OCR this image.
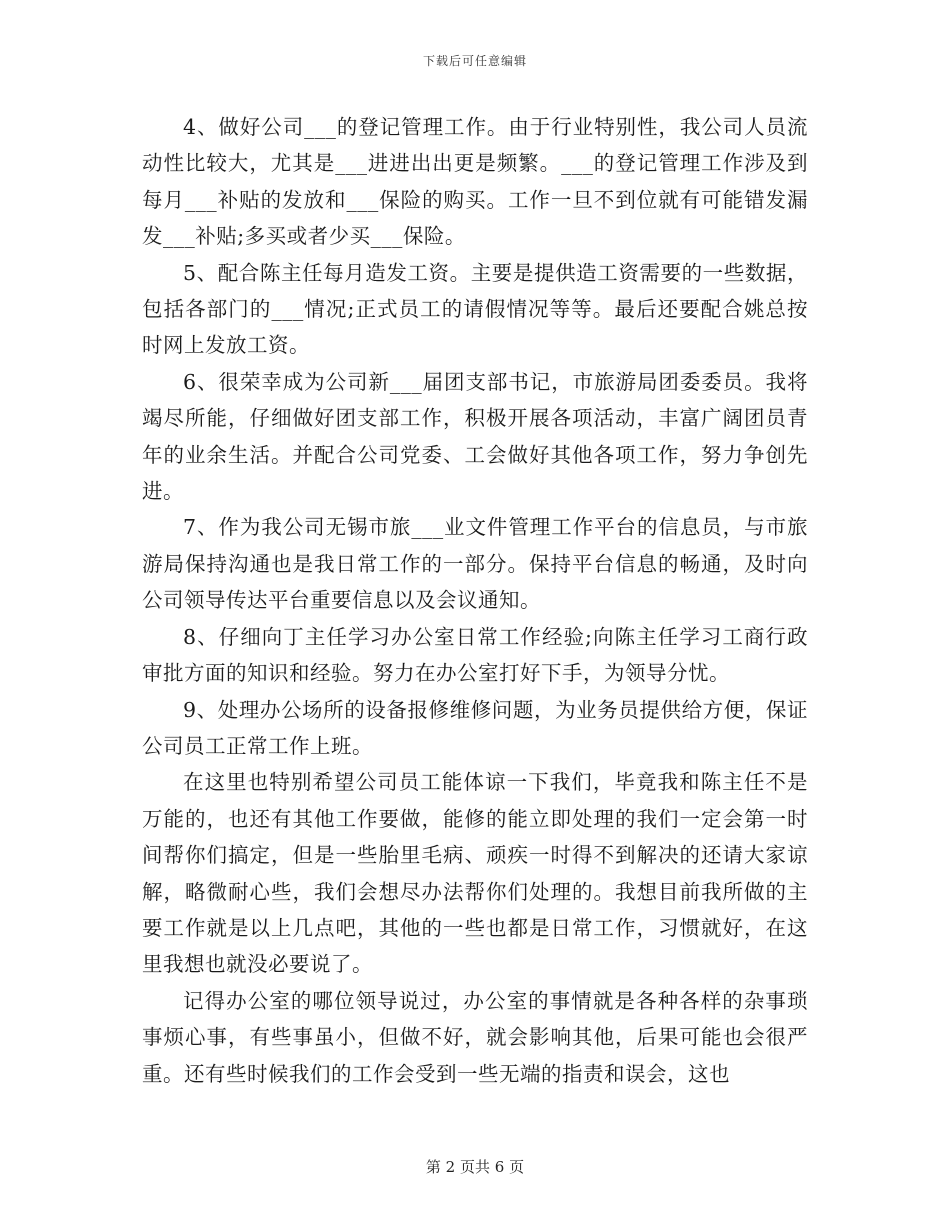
下载后可任意编辑

4、做好公司___的登记管理工作。由于行业特别性，我公司人员流动性比较大，尤其是___进进出出更是频繁。___的登记管理工作涉及到每月___补贴的发放和___保险的购买。工作一旦不到位就有可能错发漏发___补贴;多买或者少买___保险。

5、配合陈主任每月造发工资。主要是提供造工资需要的一些数据，包括各部门的___情况;正式员工的请假情况等等。最后还要配合姚总按时网上发放工资。

6、很荣幸成为公司新___届团支部书记，市旅游局团委委员。我将竭尽所能，仔细做好团支部工作，积极开展各项活动，丰富广阔团员青年的业余生活。并配合公司党委、工会做好其他各项工作，努力争创先进。

7、作为我公司无锡市旅___业文件管理工作平台的信息员，与市旅游局保持沟通也是我日常工作的一部分。保持平台信息的畅通，及时向公司领导传达平台重要信息以及会议通知。

8、仔细向丁主任学习办公室日常工作经验;向陈主任学习工商行政审批方面的知识和经验。努力在办公室打好下手，为领导分忧。

9、处理办公场所的设备报修维修问题，为业务员提供给方便，保证公司员工正常工作上班。

在这里也特别希望公司员工能体谅一下我们，毕竟我和陈主任不是万能的，也还有其他工作要做，能修的能立即处理的我们一定会第一时间帮你们搞定，但是一些胎里毛病、顽疾一时得不到解决的还请大家谅解，略微耐心些，我们会想尽办法帮你们处理的。我想目前我所做的主要工作就是以上几点吧，其他的一些也都是日常工作，习惯就好，在这里我想也就没必要说了。

记得办公室的哪位领导说过，办公室的事情就是各种各样的杂事琐事烦心事，有些事虽小，但做不好，就会影响其他，后果可能也会很严重。还有些时候我们的工作会受到一些无端的指责和误会，这也

第 2 页共 6 页
